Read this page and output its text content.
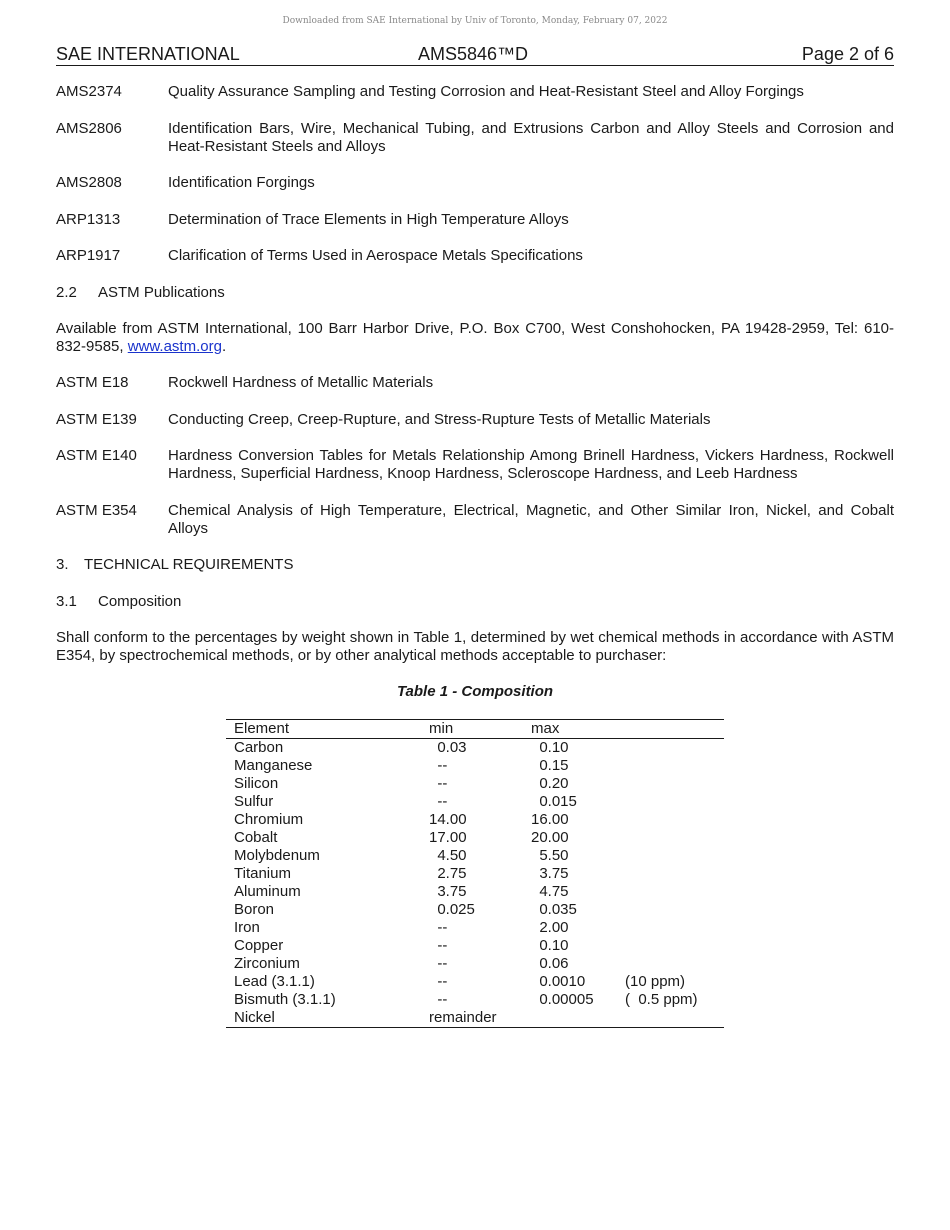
Downloaded from SAE International by Univ of Toronto, Monday, February 07, 2022
SAE INTERNATIONAL	AMS5846™D	Page 2 of 6
AMS2374	Quality Assurance Sampling and Testing Corrosion and Heat-Resistant Steel and Alloy Forgings
AMS2806	Identification Bars, Wire, Mechanical Tubing, and Extrusions Carbon and Alloy Steels and Corrosion and Heat-Resistant Steels and Alloys
AMS2808	Identification Forgings
ARP1313	Determination of Trace Elements in High Temperature Alloys
ARP1917	Clarification of Terms Used in Aerospace Metals Specifications
2.2 ASTM Publications
Available from ASTM International, 100 Barr Harbor Drive, P.O. Box C700, West Conshohocken, PA 19428-2959, Tel: 610-832-9585, www.astm.org.
ASTM E18	Rockwell Hardness of Metallic Materials
ASTM E139 Conducting Creep, Creep-Rupture, and Stress-Rupture Tests of Metallic Materials
ASTM E140 Hardness Conversion Tables for Metals Relationship Among Brinell Hardness, Vickers Hardness, Rockwell Hardness, Superficial Hardness, Knoop Hardness, Scleroscope Hardness, and Leeb Hardness
ASTM E354 Chemical Analysis of High Temperature, Electrical, Magnetic, and Other Similar Iron, Nickel, and Cobalt Alloys
3. TECHNICAL REQUIREMENTS
3.1 Composition
Shall conform to the percentages by weight shown in Table 1, determined by wet chemical methods in accordance with ASTM E354, by spectrochemical methods, or by other analytical methods acceptable to purchaser:
Table 1 - Composition
Element	min	max	
Carbon	0.03	0.10	
Manganese	--	0.15	
Silicon	--	0.20	
Sulfur	--	0.015	
Chromium	14.00	16.00	
Cobalt	17.00	20.00	
Molybdenum	4.50	5.50	
Titanium	2.75	3.75	
Aluminum	3.75	4.75	
Boron	0.025	0.035	
Iron	--	2.00	
Copper	--	0.10	
Zirconium	--	0.06	
Lead (3.1.1)	--	0.0010	(10 ppm)
Bismuth (3.1.1)	--	0.00005	(  0.5 ppm)
Nickel	remainder		
